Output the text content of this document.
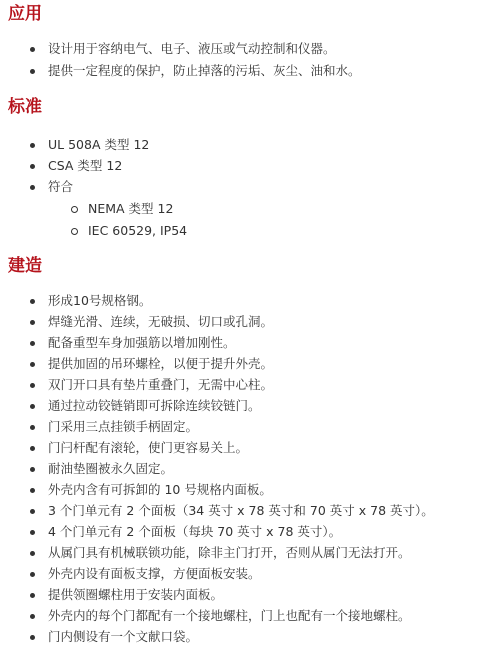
应用
设计用于容纳电气、电子、液压或气动控制和仪器。
提供一定程度的保护，防止掉落的污垢、灰尘、油和水。
标准
UL 508A 类型 12
CSA 类型 12
符合
NEMA 类型 12
IEC 60529, IP54
建造
形成10号规格钢。
焊缝光滑、连续，无破损、切口或孔洞。
配备重型车身加强筋以增加刚性。
提供加固的吊环螺栓，以便于提升外壳。
双门开口具有垫片重叠门，无需中心柱。
通过拉动铰链销即可拆除连续铰链门。
门采用三点挂锁手柄固定。
门闩杆配有滚轮，使门更容易关上。
耐油垫圈被永久固定。
外壳内含有可拆卸的 10 号规格内面板。
3 个门单元有 2 个面板（34 英寸 x 78 英寸和 70 英寸 x 78 英寸）。
4 个门单元有 2 个面板（每块 70 英寸 x 78 英寸）。
从属门具有机械联锁功能，除非主门打开，否则从属门无法打开。
外壳内设有面板支撑，方便面板安装。
提供领圈螺柱用于安装内面板。
外壳内的每个门都配有一个接地螺柱，门上也配有一个接地螺柱。
门内侧设有一个文献口袋。
